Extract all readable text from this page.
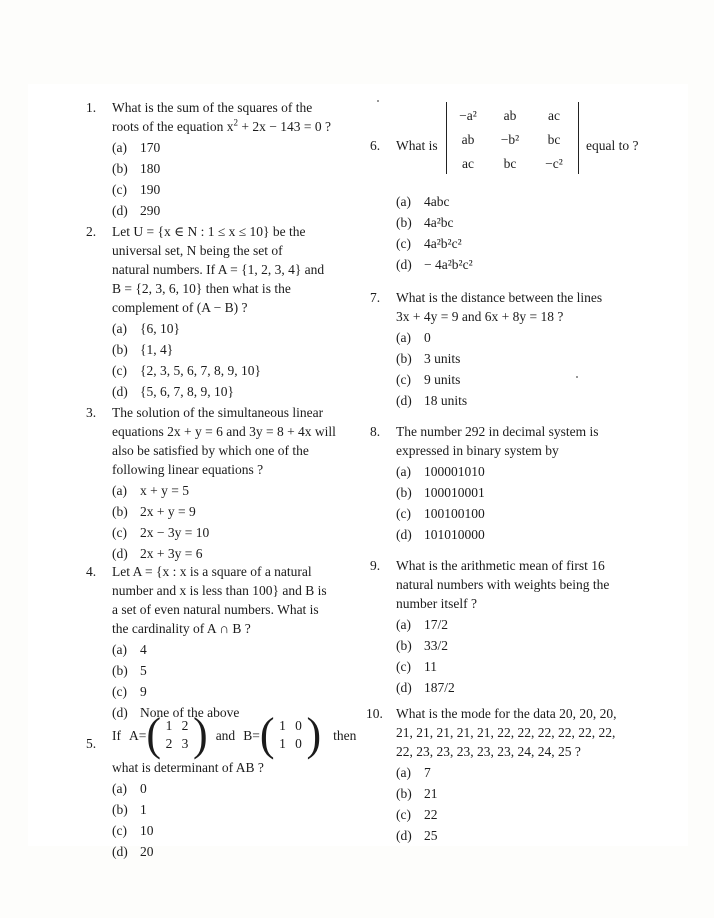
1. What is the sum of the squares of the
roots of the equation $x^2 + 2x - 143 = 0$ ?
(a) 170
(b) 180
(c) 190
(d) 290
2. Let U = {x ∈ N : 1 ≤ x ≤ 10} be the
universal set, N being the set of
natural numbers. If A = {1, 2, 3, 4} and
B = {2, 3, 6, 10} then what is the
complement of (A − B) ?
(a) {6, 10}
(b) {1, 4}
(c) {2, 3, 5, 6, 7, 8, 9, 10}
(d) {5, 6, 7, 8, 9, 10}
3. The solution of the simultaneous linear
equations 2x + y = 6 and 3y = 8 + 4x will
also be satisfied by which one of the
following linear equations ?
(a) x + y = 5
(b) 2x + y = 9
(c) 2x − 3y = 10
(d) 2x + 3y = 6
4. Let A = {x : x is a square of a natural
number and x is less than 100} and B is
a set of even natural numbers. What is
the cardinality of A ∩ B ?
(a) 4
(b) 5
(c) 9
(d) None of the above
5.
If A= ( 1 2
2 3 ) and B= ( 1 0
1 0 ) then
what is determinant of AB ?
(a) 0
(b) 1
(c) 10
(d) 20
6. What is
−a²	ab	ac
ab	−b²	bc
ac	bc	−c²
equal to ?
(a) 4abc
(b) 4a²bc
(c) 4a²b²c²
(d) − 4a²b²c²
7. What is the distance between the lines
3x + 4y = 9 and 6x + 8y = 18 ?
(a) 0
(b) 3 units
(c) 9 units
(d) 18 units
8. The number 292 in decimal system is
expressed in binary system by
(a) 100001010
(b) 100010001
(c) 100100100
(d) 101010000
9. What is the arithmetic mean of first 16
natural numbers with weights being the
number itself ?
(a) 17/2
(b) 33/2
(c) 11
(d) 187/2
10. What is the mode for the data 20, 20, 20,
21, 21, 21, 21, 21, 22, 22, 22, 22, 22, 22,
22, 23, 23, 23, 23, 23, 24, 24, 25 ?
(a) 7
(b) 21
(c) 22
(d) 25
